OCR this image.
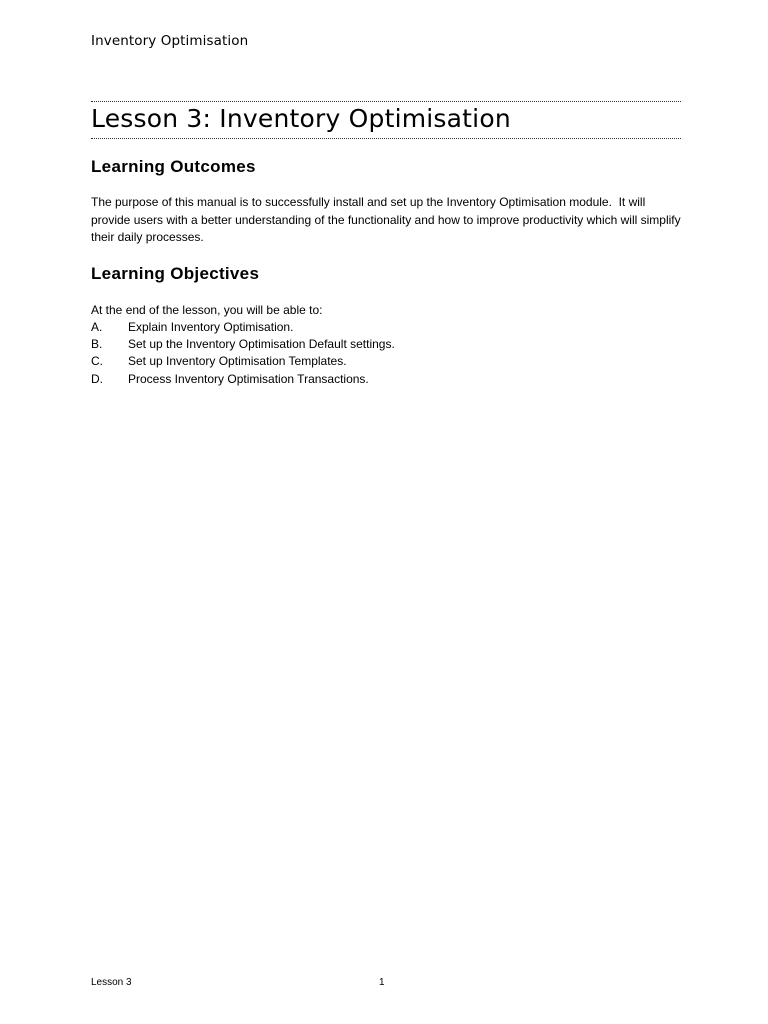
Inventory Optimisation
Lesson 3: Inventory Optimisation
Learning Outcomes

The purpose of this manual is to successfully install and set up the Inventory Optimisation module.  It will provide users with a better understanding of the functionality and how to improve productivity which will simplify their daily processes.

Learning Objectives

At the end of the lesson, you will be able to:

A. Explain Inventory Optimisation.
B. Set up the Inventory Optimisation Default settings.
C. Set up Inventory Optimisation Templates.
D. Process Inventory Optimisation Transactions.
Lesson 3	1
